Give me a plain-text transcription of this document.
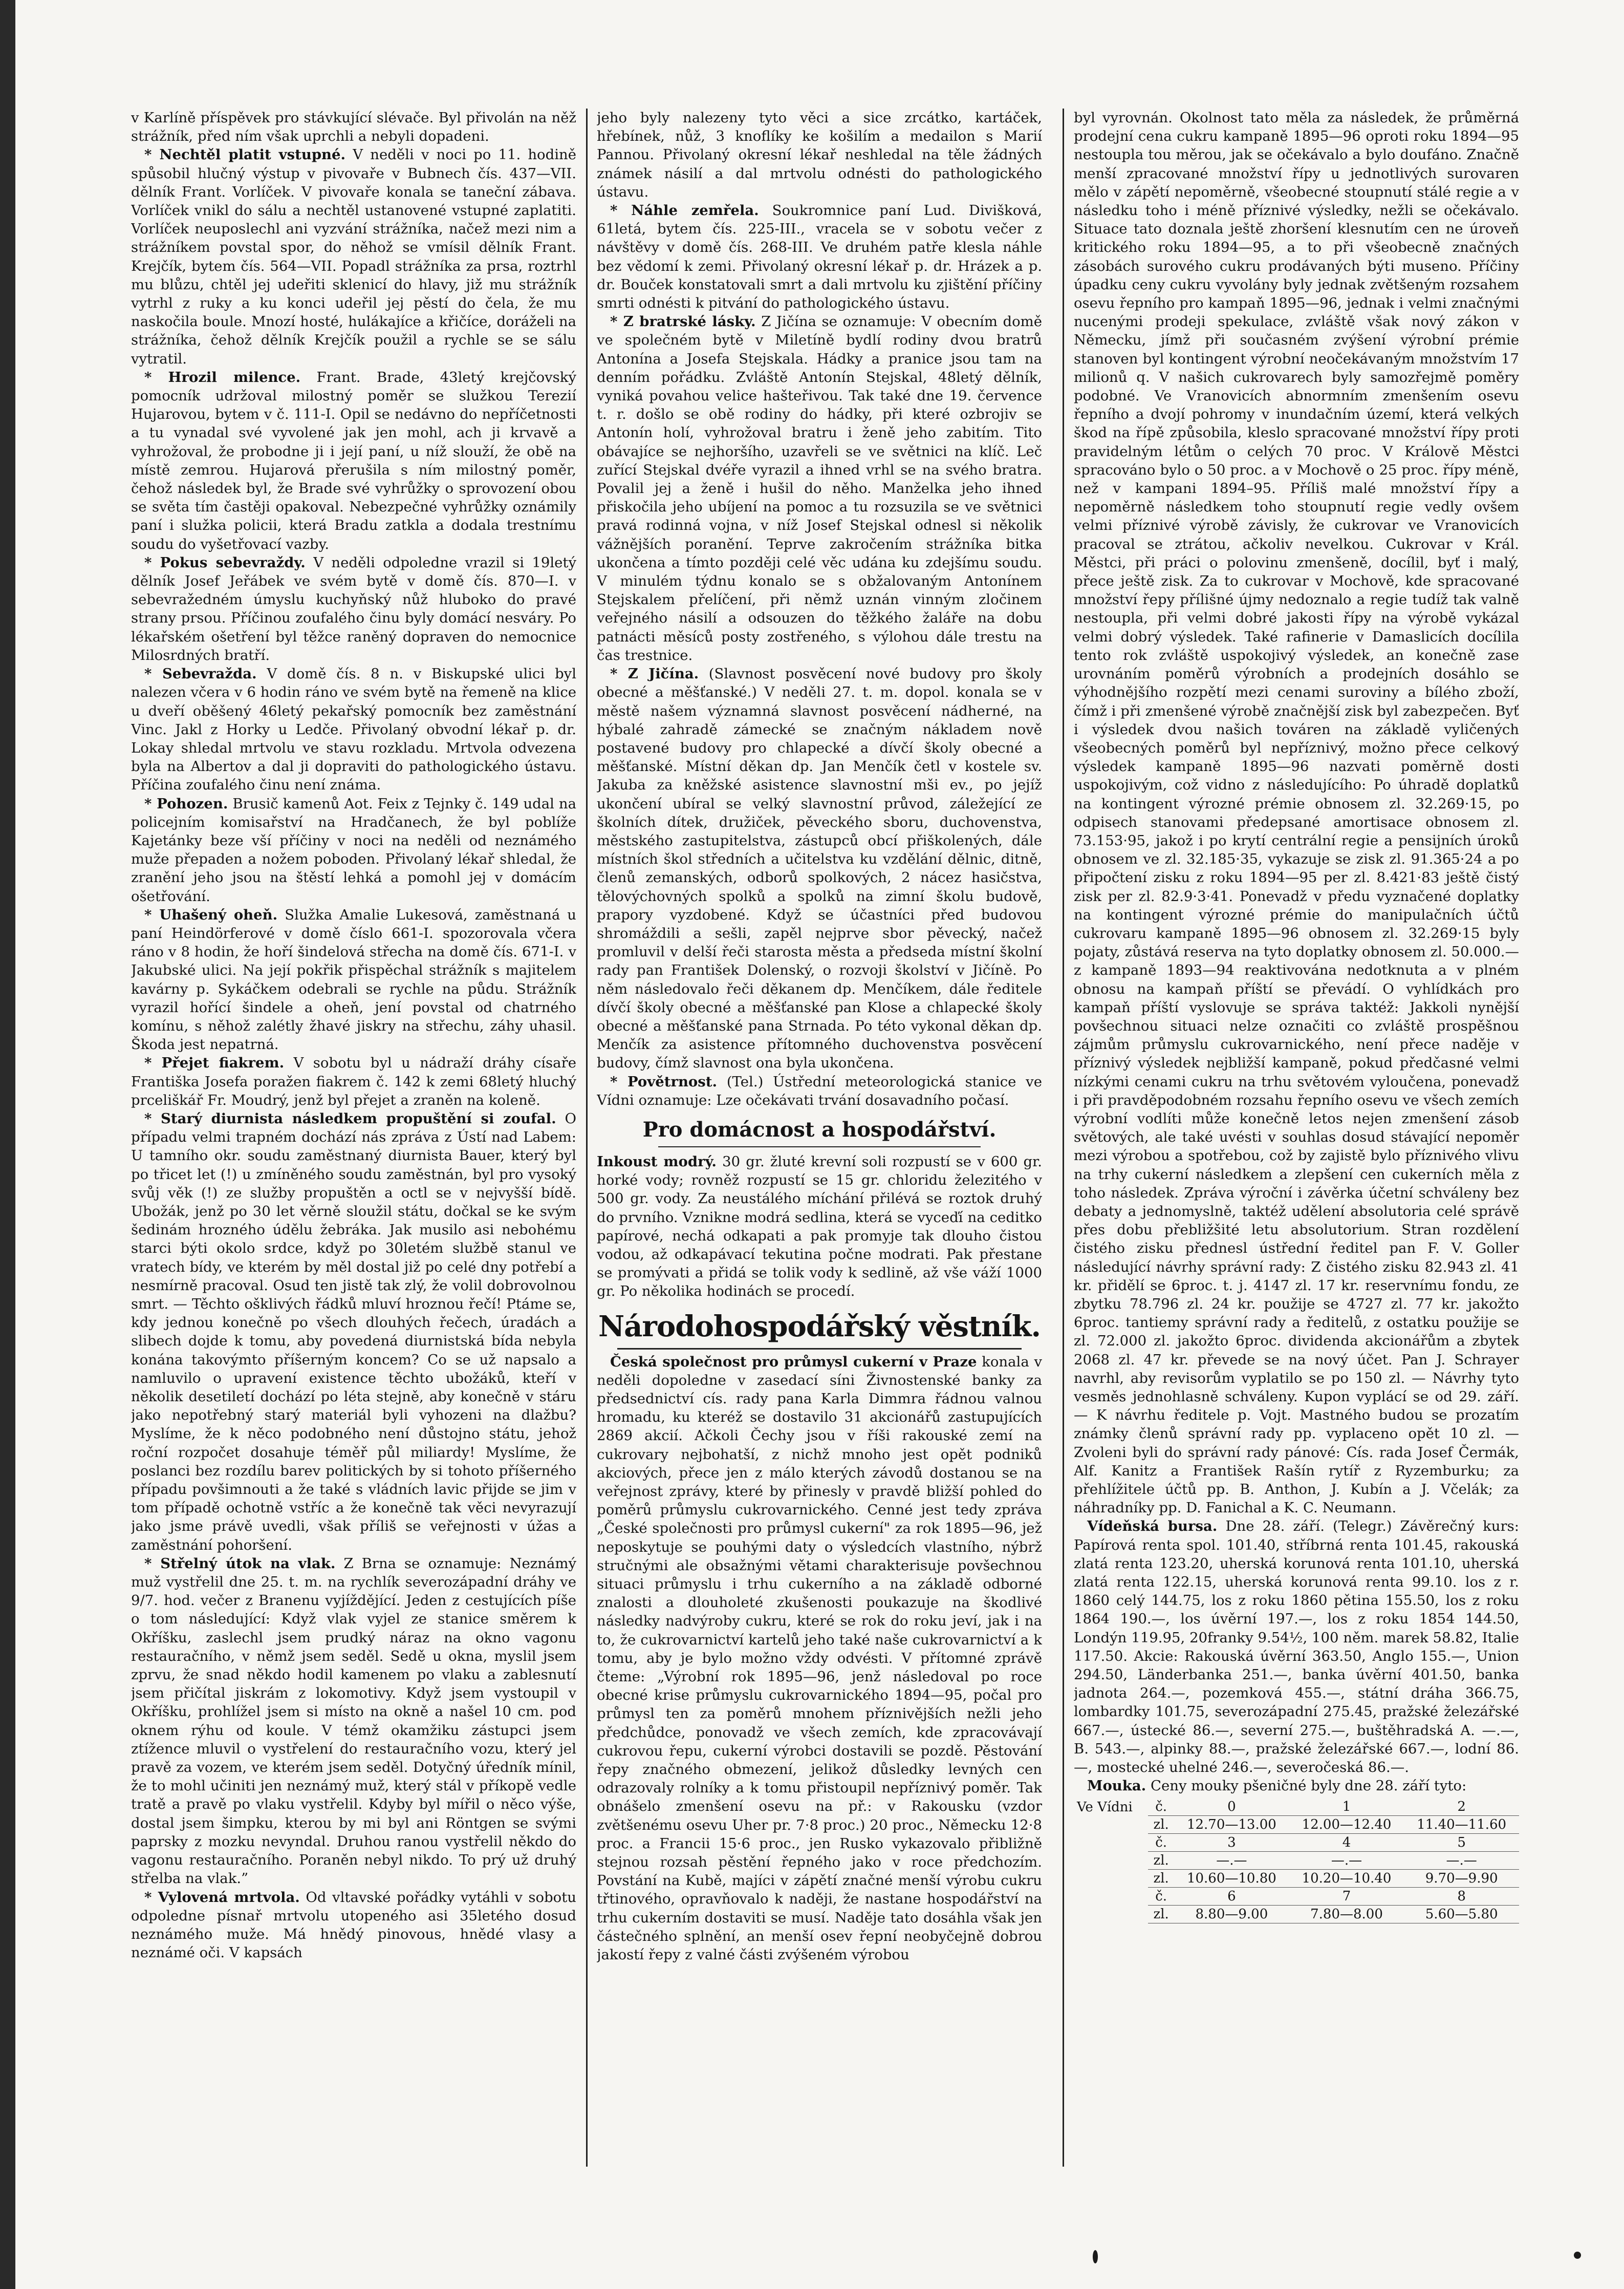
v Karlíně příspěvek pro stávkující slévače. Byl přivolán na něž strážník, před ním však uprchli a nebyli dopadeni.

* Nechtěl platit vstupné. V neděli v noci po 11. hodině spůsobil hlučný výstup v pivovaře v Bubnech čís. 437—VII. dělník Frant. Vorlíček. V pivovaře konala se taneční zábava. Vorlíček vnikl do sálu a nechtěl ustanovené vstupné zaplatiti. Vorlíček neuposlechl ani vyzvání strážníka, načež mezi nim a strážníkem povstal spor, do něhož se vmísil dělník Frant. Krejčík, bytem čís. 564—VII. Popadl strážníka za prsa, roztrhl mu blůzu, chtěl jej udeřiti sklenicí do hlavy, již mu strážník vytrhl z ruky a ku konci udeřil jej pěstí do čela, že mu naskočila boule. Mnozí hosté, hulákajíce a křičíce, doráželi na strážníka, čehož dělník Krejčík použil a rychle se se sálu vytratil.

* Hrozil milence. Frant. Brade, 43letý krejčovský pomocník udržoval milostný poměr se služkou Terezií Hujarovou, bytem v č. 111-I. Opil se nedávno do nepříčetnosti a tu vynadal své vyvolené jak jen mohl, ach ji krvavě a vyhrožoval, že probodne ji i její paní, u níž slouží, že obě na místě zemrou. Hujarová přerušila s ním milostný poměr, čehož následek byl, že Brade své vyhrůžky o sprovození obou se světa tím častěji opakoval. Nebezpečné vyhrůžky oznámily paní i služka policii, která Bradu zatkla a dodala trestnímu soudu do vyšetřovací vazby.

* Pokus sebevraždy. V neděli odpoledne vrazil si 19letý dělník Josef Jeřábek ve svém bytě v domě čís. 870—I. v sebevražedném úmyslu kuchyňský nůž hluboko do pravé strany prsou. Příčinou zoufalého činu byly domácí nesváry. Po lékařském ošetření byl těžce raněný dopraven do nemocnice Milosrdných bratří.

* Sebevražda. V domě čís. 8 n. v Biskupské ulici byl nalezen včera v 6 hodin ráno ve svém bytě na řemeně na klice u dveří oběšený 46letý pekařský pomocník bez zaměstnání Vinc. Jakl z Horky u Ledče. Přivolaný obvodní lékař p. dr. Lokay shledal mrtvolu ve stavu rozkladu. Mrtvola odvezena byla na Albertov a dal ji dopraviti do pathologického ústavu. Příčina zoufalého činu není známa.

* Pohozen. Brusič kamenů Aot. Feix z Tejnky č. 149 udal na policejním komisařství na Hradčanech, že byl poblíže Kajetánky beze vší příčiny v noci na neděli od neznámého muže přepaden a nožem poboden. Přivolaný lékař shledal, že zranění jeho jsou na štěstí lehká a pomohl jej v domácím ošetřování.

* Uhašený oheň. Služka Amalie Lukesová, zaměstnaná u paní Heindörferové v domě číslo 661-I. spozorovala včera ráno v 8 hodin, že hoří šindelová střecha na domě čís. 671-I. v Jakubské ulici. Na její pokřik přispěchal strážník s majitelem kavárny p. Sykáčkem odebrali se rychle na půdu. Strážník vyrazil hořící šindele a oheň, jení povstal od chatrného komínu, s něhož zalétly žhavé jiskry na střechu, záhy uhasil. Škoda jest nepatrná.

* Přejet fiakrem. V sobotu byl u nádraží dráhy císaře Františka Josefa poražen fiakrem č. 142 k zemi 68letý hluchý prceliškář Fr. Moudrý, jenž byl přejet a zraněn na koleně.

* Starý diurnista následkem propuštění si zoufal. O případu velmi trapném dochází nás zpráva z Ústí nad Labem: U tamního okr. soudu zaměstnaný diurnista Bauer, který byl po třicet let (!) u zmíněného soudu zaměstnán, byl pro vysoký svůj věk (!) ze služby propuštěn a octl se v nejvyšší bídě. Ubožák, jenž po 30 let věrně sloužil státu, dočkal se ke svým šedinám hrozného údělu žebráka. Jak musilo asi nebohému starci býti okolo srdce, když po 30letém službě stanul ve vratech bídy, ve kterém by měl dostal již po celé dny potřebí a nesmírně pracoval. Osud ten jistě tak zlý, že volil dobrovolnou smrt. — Těchto ošklivých řádků mluví hroznou řečí! Ptáme se, kdy jednou konečně po všech dlouhých řečech, úradách a slibech dojde k tomu, aby povedená diurnistská bída nebyla konána takovýmto příšerným koncem? Co se už napsalo a namluvilo o upravení existence těchto ubožáků, kteří v několik desetiletí dochází po léta stejně, aby konečně v stáru jako nepotřebný starý materiál byli vyhozeni na dlažbu? Myslíme, že k něco podobného není důstojno státu, jehož roční rozpočet dosahuje téměř půl miliardy! Myslíme, že poslanci bez rozdílu barev politických by si tohoto příšerného případu povšimnouti a že také s vládních lavic přijde se jim v tom případě ochotně vstříc a že konečně tak věci nevyrazují jako jsme právě uvedli, však příliš se veřejnosti v úžas a zaměstnání pohoršení.

* Střelný útok na vlak. Z Brna se oznamuje: Neznámý muž vystřelil dne 25. t. m. na rychlík severozápadní dráhy ve 9/7. hod. večer z Branenu vyjíždějící. Jeden z cestujících píše o tom následující: Když vlak vyjel ze stanice směrem k Okříšku, zaslechl jsem prudký náraz na okno vagonu restauračního, v němž jsem seděl. Sedě u okna, myslil jsem zprvu, že snad někdo hodil kamenem po vlaku a zablesnutí jsem přičítal jiskrám z lokomotivy. Když jsem vystoupil v Okříšku, prohlížel jsem si místo na okně a našel 10 cm. pod oknem rýhu od koule. V témž okamžiku zástupci jsem ztížence mluvil o vystřelení do restauračního vozu, který jel pravě za vozem, ve kterém jsem seděl. Dotyčný úředník mínil, že to mohl učiniti jen neznámý muž, který stál v příkopě vedle tratě a pravě po vlaku vystřelil. Kdyby byl mířil o něco výše, dostal jsem šimpku, kterou by mi byl ani Röntgen se svými paprsky z mozku nevyndal. Druhou ranou vystřelil někdo do vagonu restauračního. Poraněn nebyl nikdo. To prý už druhý střelba na vlak.”

* Vylovená mrtvola. Od vltavské pořádky vytáhli v sobotu odpoledne písnař mrtvolu utopeného asi 35letého dosud neznámého muže. Má hnědý pinovous, hnědé vlasy a neznámé oči. V kapsách

jeho byly nalezeny tyto věci a sice zrcátko, kartáček, hřebínek, nůž, 3 knoflíky ke košilím a medailon s Marií Pannou. Přivolaný okresní lékař neshledal na těle žádných známek násilí a dal mrtvolu odnésti do pathologického ústavu.

* Náhle zemřela. Soukromnice paní Lud. Divišková, 61letá, bytem čís. 225-III., vracela se v sobotu večer z návštěvy v domě čís. 268-III. Ve druhém patře klesla náhle bez vědomí k zemi. Přivolaný okresní lékař p. dr. Hrázek a p. dr. Bouček konstatovali smrt a dali mrtvolu ku zjištění příčiny smrti odnésti k pitvání do pathologického ústavu.

* Z bratrské lásky. Z Jičína se oznamuje: V obecním domě ve společném bytě v Miletíně bydlí rodiny dvou bratrů Antonína a Josefa Stejskala. Hádky a pranice jsou tam na denním pořádku. Zvláště Antonín Stejskal, 48letý dělník, vyniká povahou velice hašteřivou. Tak také dne 19. července t. r. došlo se obě rodiny do hádky, při které ozbrojiv se Antonín holí, vyhrožoval bratru i ženě jeho zabitím. Tito obávajíce se nejhoršího, uzavřeli se ve světnici na klíč. Leč zuřící Stejskal dvéře vyrazil a ihned vrhl se na svého bratra. Povalil jej a ženě i hušil do něho. Manželka jeho ihned přiskočila jeho ubíjení na pomoc a tu rozsuzila se ve světnici pravá rodinná vojna, v níž Josef Stejskal odnesl si několik vážnějších poranění. Teprve zakročením strážníka bitka ukončena a tímto později celé věc udána ku zdejšímu soudu. V minulém týdnu konalo se s obžalovaným Antonínem Stejskalem přelíčení, při němž uznán vinným zločinem veřejného násilí a odsouzen do těžkého žaláře na dobu patnácti měsíců posty zostřeného, s výlohou dále trestu na čas trestnice.

* Z Jičína. (Slavnost posvěcení nové budovy pro školy obecné a měšťanské.) V neděli 27. t. m. dopol. konala se v městě našem významná slavnost posvěcení nádherné, na hýbalé zahradě zámecké se značným nákladem nově postavené budovy pro chlapecké a dívčí školy obecné a měšťanské. Místní děkan dp. Jan Menčík četl v kostele sv. Jakuba za kněžské asistence slavnostní mši ev., po jejíž ukončení ubíral se velký slavnostní průvod, záležející ze školních dítek, družiček, pěveckého sboru, duchovenstva, městského zastupitelstva, zástupců obcí přiškolených, dále místních škol středních a učitelstva ku vzdělání dělnic, ditně, členů zemanských, odborů spolkových, 2 nácez hasičstva, tělovýchovných spolků a spolků na zimní školu budově, prapory vyzdobené. Když se účastníci před budovou shromáždili a sešli, zapěl nejprve sbor pěvecký, načež promluvil v delší řeči starosta města a předseda místní školní rady pan František Dolenský, o rozvoji školství v Jičíně. Po něm následovalo řeči děkanem dp. Menčíkem, dále ředitele dívčí školy obecné a měšťanské pan Klose a chlapecké školy obecné a měšťanské pana Strnada. Po této vykonal děkan dp. Menčík za asistence přítomného duchovenstva posvěcení budovy, čímž slavnost ona byla ukončena.

* Povětrnost. (Tel.) Ústřední meteorologická stanice ve Vídni oznamuje: Lze očekávati trvání dosavadního počasí.

Pro domácnost a hospodářství.

Inkoust modrý. 30 gr. žluté krevní soli rozpustí se v 600 gr. horké vody; rovněž rozpustí se 15 gr. chloridu železitého v 500 gr. vody. Za neustálého míchání přilévá se roztok druhý do prvního. Vznikne modrá sedlina, která se vyceďí na ceditko papírové, nechá odkapati a pak promyje tak dlouho čistou vodou, až odkapávací tekutina počne modrati. Pak přestane se promývati a přidá se tolik vody k sedlině, až vše váží 1000 gr. Po několika hodinách se procedí.

Národohospodářský věstník.

Česká společnost pro průmysl cukerní v Praze konala v neděli dopoledne v zasedací síni Živnostenské banky za předsednictví cís. rady pana Karla Dimmra řádnou valnou hromadu, ku kteréž se dostavilo 31 akcionářů zastupujících 2869 akcií. Ačkoli Čechy jsou v říši rakouské zemí na cukrovary nejbohatší, z nichž mnoho jest opět podniků akciových, přece jen z málo kterých závodů dostanou se na veřejnost zprávy, které by přinesly v pravdě bližší pohled do poměrů průmyslu cukrovarnického. Cenné jest tedy zpráva „České společnosti pro průmysl cukerní" za rok 1895—96, jež neposkytuje se pouhými daty o výsledcích vlastního, nýbrž stručnými ale obsažnými větami charakterisuje povšechnou situaci průmyslu i trhu cukerního a na základě odborné znalosti a dlouholeté zkušenosti poukazuje na škodlivé následky nadvýroby cukru, které se rok do roku jeví, jak i na to, že cukrovarnictví kartelů jeho také naše cukrovarnictví a k tomu, aby je bylo možno vždy odvésti. V přítomné zprávě čteme: „Výrobní rok 1895—96, jenž následoval po roce obecné krise průmyslu cukrovarnického 1894—95, počal pro průmysl ten za poměrů mnohem příznivějších nežli jeho předchůdce, ponovadž ve všech zemích, kde zpracovávají cukrovou řepu, cukerní výrobci dostavili se pozdě. Pěstování řepy značného obmezení, jelikož důsledky levných cen odrazovaly rolníky a k tomu přistoupil nepříznivý poměr. Tak obnášelo zmenšení osevu na př.: v Rakousku (vzdor zvětšenému osevu Uher pr. 7·8 proc.) 20 proc., Německu 12·8 proc. a Francii 15·6 proc., jen Rusko vykazovalo přibližně stejnou rozsah pěstění řepného jako v roce předchozím. Povstání na Kubě, majíci v zápětí značné menší výrobu cukru třtinového, opravňovalo k naději, že nastane hospodářství na trhu cukerním dostaviti se musí. Naděje tato dosáhla však jen částečného splnění, an menší osev řepní neobyčejně dobrou jakostí řepy z valné části zvýšeném výrobou

byl vyrovnán. Okolnost tato měla za následek, že průměrná prodejní cena cukru kampaně 1895—96 oproti roku 1894—95 nestoupla tou měrou, jak se očekávalo a bylo doufáno. Značně menší zpracované množství řípy u jednotlivých surovaren mělo v zápětí nepoměrně, všeobecné stoupnutí stálé regie a v následku toho i méně příznivé výsledky, nežli se očekávalo. Situace tato doznala ještě zhoršení klesnutím cen ne úroveň kritického roku 1894—95, a to při všeobecně značných zásobách surového cukru prodávaných býti museno. Příčiny úpadku ceny cukru vyvolány byly jednak zvětšeným rozsahem osevu řepního pro kampaň 1895—96, jednak i velmi značnými nucenými prodeji spekulace, zvláště však nový zákon v Německu, jímž při současném zvýšení výrobní prémie stanoven byl kontingent výrobní neočekávaným množstvím 17 milionů q. V našich cukrovarech byly samozřejmě poměry podobné. Ve Vranovicích abnormním zmenšením osevu řepního a dvojí pohromy v inundačním území, která velkých škod na řípě způsobila, kleslo spracované množství řípy proti pravidelným létům o celých 70 proc. V Králově Městci spracováno bylo o 50 proc. a v Mochově o 25 proc. řípy méně, než v kampani 1894–95. Příliš malé množství řípy a nepoměrně následkem toho stoupnutí regie vedly ovšem velmi příznivé výrobě závisly, že cukrovar ve Vranovicích pracoval se ztrátou, ačkoliv nevelkou. Cukrovar v Král. Městci, při práci o polovinu zmenšeně, docílil, byť i malý, přece ještě zisk. Za to cukrovar v Mochově, kde spracované množství řepy přílišné újmy nedoznalo a regie tudíž tak valně nestoupla, při velmi dobré jakosti řípy na výrobě vykázal velmi dobrý výsledek. Také rafinerie v Damaslicích docílila tento rok zvláště uspokojivý výsledek, an konečně zase urovnáním poměrů výrobních a prodejních dosáhlo se výhodnějšího rozpětí mezi cenami suroviny a bílého zboží, čímž i při zmenšené výrobě značnější zisk byl zabezpečen. Byť i výsledek dvou našich továren na základě vyličených všeobecných poměrů byl nepříznivý, možno přece celkový výsledek kampaně 1895—96 nazvati poměrně dosti uspokojivým, což vidno z následujícího: Po úhradě doplatků na kontingent výrozné prémie obnosem zl. 32.269·15, po odpisech stanovami předepsané amortisace obnosem zl. 73.153·95, jakož i po krytí centrální regie a pensijních úroků obnosem ve zl. 32.185·35, vykazuje se zisk zl. 91.365·24 a po připočtení zisku z roku 1894—95 per zl. 8.421·83 ještě čistý zisk per zl. 82.9·3·41. Ponevadž v předu vyznačené doplatky na kontingent výrozné prémie do manipulačních účtů cukrovaru kampaně 1895—96 obnosem zl. 32.269·15 byly pojaty, zůstává reserva na tyto doplatky obnosem zl. 50.000.— z kampaně 1893—94 reaktivována nedotknuta a v plném obnosu na kampaň příští se převádí. O vyhlídkách pro kampaň příští vyslovuje se správa taktéž: Jakkoli nynější povšechnou situaci nelze označiti co zvláště prospěšnou zájmům průmyslu cukrovarnického, není přece naděje v příznivý výsledek nejbližší kampaně, pokud předčasné velmi nízkými cenami cukru na trhu světovém vyloučena, ponevadž i při pravděpodobném rozsahu řepního osevu ve všech zemích výrobní vodlíti může konečně letos nejen zmenšení zásob světových, ale také uvésti v souhlas dosud stávající nepoměr mezi výrobou a spotřebou, což by zajistě bylo příznivého vlivu na trhy cukerní následkem a zlepšení cen cukerních měla z toho následek. Zpráva výroční i závěrka účetní schváleny bez debaty a jednomyslně, taktéž udělení absolutoria celé správě přes dobu přebližšité letu absolutorium. Stran rozdělení čistého zisku přednesl ústřední ředitel pan F. V. Goller následující návrhy správní rady: Z čistého zisku 82.943 zl. 41 kr. přidělí se 6proc. t. j. 4147 zl. 17 kr. reservnímu fondu, ze zbytku 78.796 zl. 24 kr. použije se 4727 zl. 77 kr. jakožto 6proc. tantiemy správní rady a ředitelů, z ostatku použije se zl. 72.000 zl. jakožto 6proc. dividenda akcionářům a zbytek 2068 zl. 47 kr. převede se na nový účet. Pan J. Schrayer navrhl, aby revisorům vyplatilo se po 150 zl. — Návrhy tyto vesměs jednohlasně schváleny. Kupon vyplácí se od 29. září. — K návrhu ředitele p. Vojt. Mastného budou se prozatím známky členů správní rady pp. vyplaceno opět 10 zl. — Zvoleni byli do správní rady pánové: Cís. rada Josef Čermák, Alf. Kanitz a František Rašín rytíř z Ryzemburku; za přehlížitele účtů pp. B. Anthon, J. Kubín a J. Včelák; za náhradníky pp. D. Fanichal a K. C. Neumann.

Vídeňská bursa. Dne 28. září. (Telegr.) Závěrečný kurs: Papírová renta spol. 101.40, stříbrná renta 101.45, rakouská zlatá renta 123.20, uherská korunová renta 101.10, uherská zlatá renta 122.15, uherská korunová renta 99.10. los z r. 1860 celý 144.75, los z roku 1860 pětina 155.50, los z roku 1864 190.—, los úvěrní 197.—, los z roku 1854 144.50, Londýn 119.95, 20franky 9.54½, 100 něm. marek 58.82, Italie 117.50. Akcie: Rakouská úvěrní 363.50, Anglo 155.—, Union 294.50, Länderbanka 251.—, banka úvěrní 401.50, banka jadnota 264.—, pozemková 455.—, státní dráha 366.75, lombardky 101.75, severozápadní 275.45, pražské železářské 667.—, ústecké 86.—, severní 275.—, buštěhradská A. —.—, B. 543.—, alpinky 88.—, pražské železářské 667.—, lodní 86.—, mostecké uhelné 246.—, severočeská 86.—.

Mouka. Ceny mouky pšeničné byly dne 28. září tyto:

Ve Vídni	č.	0	1	2
	zl.	12.70—13.00	12.00—12.40	11.40—11.60
	č.	3	4	5
	zl.	—.—	—.—	—.—
	zl.	10.60—10.80	10.20—10.40	9.70—9.90
	č.	6	7	8
	zl.	8.80—9.00	7.80—8.00	5.60—5.80
